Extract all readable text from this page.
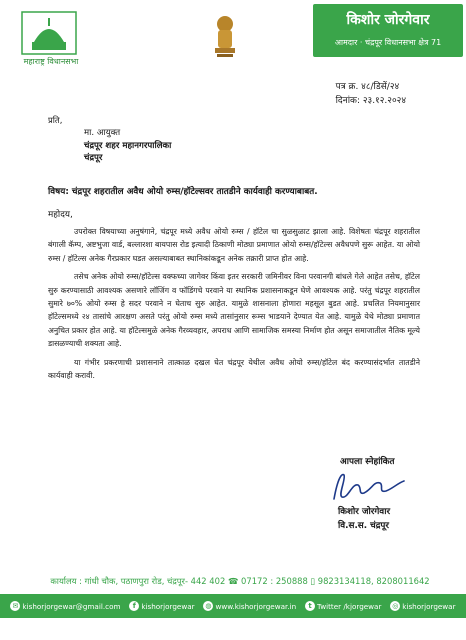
महाराष्ट्र विधानसभा
किशोर जोरगेवार
आमदार · चंद्रपूर विधानसभा क्षेत्र 71
पत्र क्र. ४८/डिसें/२४
दिनांक: २३.१२.२०२४
प्रति,
मा. आयुक्त
चंद्रपूर शहर महानगरपालिका
चंद्रपूर
विषय: चंद्रपूर शहरातील अवैध ओयो रुम्स/हॉटेल्सवर तातडीने कार्यवाही करण्याबाबत.
महोदय,

उपरोक्त विषयाच्या अनुषंगाने, चंद्रपूर मध्ये अवैध ओयो रुम्स / हॉटेल चा सुळसुळाट झाला आहे. विशेषतः चंद्रपूर शहरातील बंगाली कॅम्प, अष्टभुजा वार्ड, बल्लारशा बायपास रोड इत्यादी ठिकाणी मोठ्या प्रमाणात ओयो रुम्स/हॉटेल्स अवैधपणे सुरू आहेत. या ओयो रुम्स / हॉटेल्स अनेक गैरप्रकार घडत असल्याबाबत स्थानिकांकडून अनेक तक्रारी प्राप्त होत आहे.

तसेच अनेक ओयो रुम्स/हॉटेल्स वक्फच्या जागेवर किंवा इतर सरकारी जमिनीवर विना परवानगी बांधले गेले आहेत तसेच, हॉटेल सुरु करण्यासाठी आवश्यक असणारे लॉजिंग व फॉडिंगचे परवाने या स्थानिक प्रशासनाकडून घेणे आवश्यक आहे. परंतु चंद्रपूर शहरातील सुमारे ७०% ओयो रुम्स हे सदर परवाने न घेताच सुरु आहेत. यामुळे शासनाला होणारा महसूल बुडत आहे. प्रचलित नियमानुसार हॉटेल्समध्ये २४ तासांचे आरक्षण असते परंतु ओयो रुम्स मध्ये तासांनुसार रूम्स भाडयाने देण्यात येत आहे. यामुळे येथे मोठ्या प्रमाणात अनुचित प्रकार होत आहे. या हॉटेल्समुळे अनेक गैरव्यवहार, अपराध आणि सामाजिक समस्या निर्माण होत असून समाजातील नैतिक मूल्ये डासळण्याची शक्यता आहे.

या गंभीर प्रकरणाची प्रशासनाने तात्काळ दखल घेत चंद्रपूर येथील अवैध ओयो रुम्स/हॉटेल बंद करण्यासंदर्भात तातडीने कार्यवाही करावी.

आपला स्नेहांकित
किशोर जोरगेवार
वि.स.स. चंद्रपूर
कार्यालय : गांधी चौक, पठाणपुरा रोड, चंद्रपूर- 442 402 ☎ 07172 : 250888 ▯ 9823134118, 8208011642
✉ kishorjorgewar@gmail.com	f kishorjorgewar ◍ www.kishorjorgewar.in	t Twitter /kjorgewar ◎ kishorjorgewar
